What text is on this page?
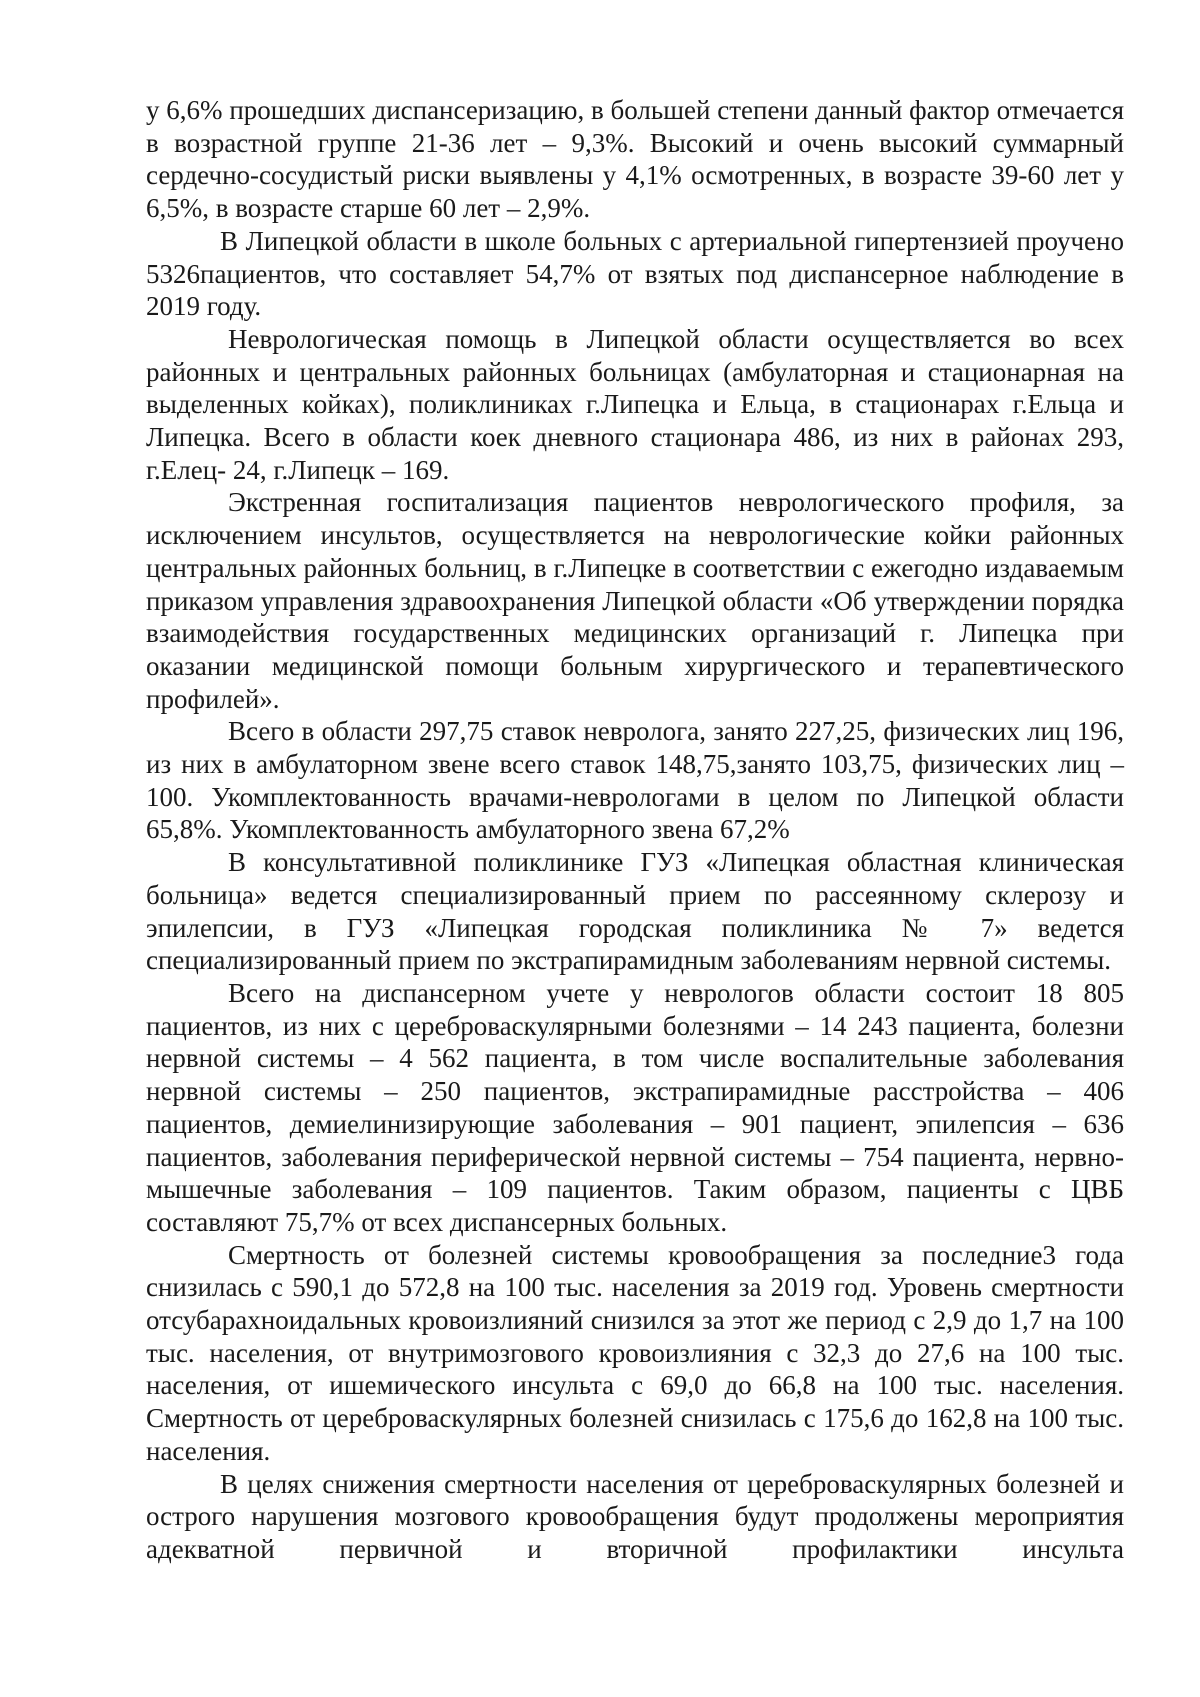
у 6,6% прошедших диспансеризацию, в большей степени данный фактор отмечается в возрастной группе 21-36 лет – 9,3%. Высокий и очень высокий суммарный сердечно-сосудистый риски выявлены у 4,1% осмотренных, в возрасте 39-60 лет у 6,5%, в возрасте старше 60 лет – 2,9%.

В Липецкой области в школе больных с артериальной гипертензией проучено 5326пациентов, что составляет 54,7% от взятых под диспансерное наблюдение в 2019 году.

Неврологическая помощь в Липецкой области осуществляется во всех районных и центральных районных больницах (амбулаторная и стационарная на выделенных койках), поликлиниках г.Липецка и Ельца, в стационарах г.Ельца и Липецка. Всего в области коек дневного стационара 486, из них в районах 293, г.Елец- 24, г.Липецк – 169.

Экстренная госпитализация пациентов неврологического профиля, за исключением инсультов, осуществляется на неврологические койки районных центральных районных больниц, в г.Липецке в соответствии с ежегодно издаваемым приказом управления здравоохранения Липецкой области «Об утверждении порядка взаимодействия государственных медицинских организаций г. Липецка при оказании медицинской помощи больным хирургического и терапевтического профилей».

Всего в области 297,75 ставок невролога, занято 227,25, физических лиц 196, из них в амбулаторном звене всего ставок 148,75,занято 103,75, физических лиц – 100. Укомплектованность врачами-неврологами в целом по Липецкой области 65,8%. Укомплектованность амбулаторного звена 67,2%

В консультативной поликлинике ГУЗ «Липецкая областная клиническая больница» ведется специализированный прием по рассеянному склерозу и эпилепсии, в ГУЗ «Липецкая городская поликлиника № 7» ведется специализированный прием по экстрапирамидным заболеваниям нервной системы.

Всего на диспансерном учете у неврологов области состоит 18 805 пациентов, из них с цереброваскулярными болезнями – 14 243 пациента, болезни нервной системы – 4 562 пациента, в том числе воспалительные заболевания нервной системы – 250 пациентов, экстрапирамидные расстройства – 406 пациентов, демиелинизирующие заболевания – 901 пациент, эпилепсия – 636 пациентов, заболевания периферической нервной системы – 754 пациента, нервно-мышечные заболевания – 109 пациентов. Таким образом, пациенты с ЦВБ составляют 75,7% от всех диспансерных больных.

Смертность от болезней системы кровообращения за последние3 года снизилась с 590,1 до 572,8 на 100 тыс. населения за 2019 год. Уровень смертности отсубарахноидальных кровоизлияний снизился за этот же период с 2,9 до 1,7 на 100 тыс. населения, от внутримозгового кровоизлияния с 32,3 до 27,6 на 100 тыс. населения, от ишемического инсульта с 69,0 до 66,8 на 100 тыс. населения. Смертность от цереброваскулярных болезней снизилась с 175,6 до 162,8 на 100 тыс. населения.

В целях снижения смертности населения от цереброваскулярных болезней и острого нарушения мозгового кровообращения будут продолжены мероприятия адекватной первичной и вторичной профилактики инсульта
